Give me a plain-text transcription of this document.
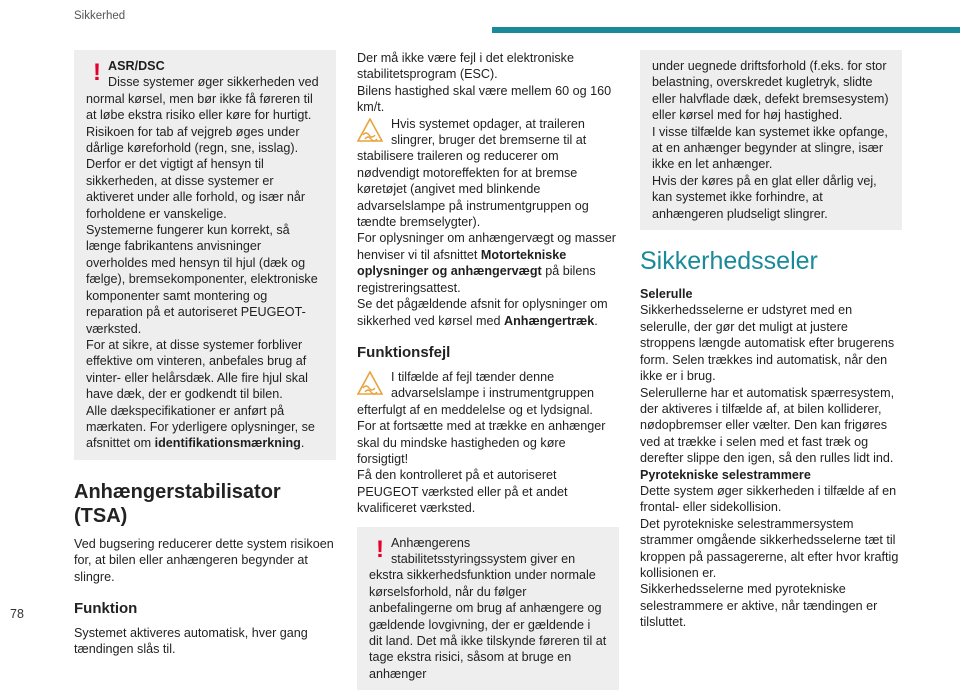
Sikkerhed
! ASR/DSC

Disse systemer øger sikkerheden ved normal kørsel, men bør ikke få føreren til at løbe ekstra risiko eller køre for hurtigt.
Risikoen for tab af vejgreb øges under dårlige køreforhold (regn, sne, isslag). Derfor er det vigtigt af hensyn til sikkerheden, at disse systemer er aktiveret under alle forhold, og især når forholdene er vanskelige.
Systemerne fungerer kun korrekt, så længe fabrikantens anvisninger overholdes med hensyn til hjul (dæk og fælge), bremsekomponenter, elektroniske komponenter samt montering og reparation på et autoriseret PEUGEOT-værksted.
For at sikre, at disse systemer forbliver effektive om vinteren, anbefales brug af vinter- eller helårsdæk. Alle fire hjul skal have dæk, der er godkendt til bilen.
Alle dækspecifikationer er anført på mærkaten. For yderligere oplysninger, se afsnittet om identifikationsmærkning.

Anhængerstabilisator (TSA)

Ved bugsering reducerer dette system risikoen for, at bilen eller anhængeren begynder at slingre.

Funktion

Systemet aktiveres automatisk, hver gang tændingen slås til.

Der må ikke være fejl i det elektroniske stabilitetsprogram (ESC).
Bilens hastighed skal være mellem 60 og 160 km/t.

Hvis systemet opdager, at traileren slingrer, bruger det bremserne til at stabilisere traileren og reducerer om nødvendigt motoreffekten for at bremse køretøjet (angivet med blinkende advarselslampe på instrumentgruppen og tændte bremselygter).
For oplysninger om anhængervægt og masser henviser vi til afsnittet Motortekniske oplysninger og anhængervægt på bilens registreringsattest.
Se det pågældende afsnit for oplysninger om sikkerhed ved kørsel med Anhængertræk.

Funktionsfejl

I tilfælde af fejl tænder denne advarselslampe i instrumentgruppen efterfulgt af en meddelelse og et lydsignal.
For at fortsætte med at trække en anhænger skal du mindske hastigheden og køre forsigtigt!
Få den kontrolleret på et autoriseret PEUGEOT værksted eller på et andet kvalificeret værksted.

! Anhængerens stabilitetsstyringssystem giver en ekstra sikkerhedsfunktion under normale kørselsforhold, når du følger anbefalingerne om brug af anhængere og gældende lovgivning, der er gældende i dit land. Det må ikke tilskynde føreren til at tage ekstra risici, såsom at bruge en anhænger

under uegnede driftsforhold (f.eks. for stor belastning, overskredet kugletryk, slidte eller halvflade dæk, defekt bremsesystem) eller kørsel med for høj hastighed.
I visse tilfælde kan systemet ikke opfange, at en anhænger begynder at slingre, især ikke en let anhænger.
Hvis der køres på en glat eller dårlig vej, kan systemet ikke forhindre, at anhængeren pludseligt slingrer.

Sikkerhedsseler
Selerulle

Sikkerhedsselerne er udstyret med en selerulle, der gør det muligt at justere stroppens længde automatisk efter brugerens form. Selen trækkes ind automatisk, når den ikke er i brug.
Selerullerne har et automatisk spærresystem, der aktiveres i tilfælde af, at bilen kolliderer, nødopbremser eller vælter. Den kan frigøres ved at trække i selen med et fast træk og derefter slippe den igen, så den rulles lidt ind.

Pyrotekniske selestrammere

Dette system øger sikkerheden i tilfælde af en frontal- eller sidekollision.
Det pyrotekniske selestrammersystem strammer omgående sikkerhedsselerne tæt til kroppen på passagererne, alt efter hvor kraftig kollisionen er.
Sikkerhedsselerne med pyrotekniske selestrammere er aktive, når tændingen er tilsluttet.

78
